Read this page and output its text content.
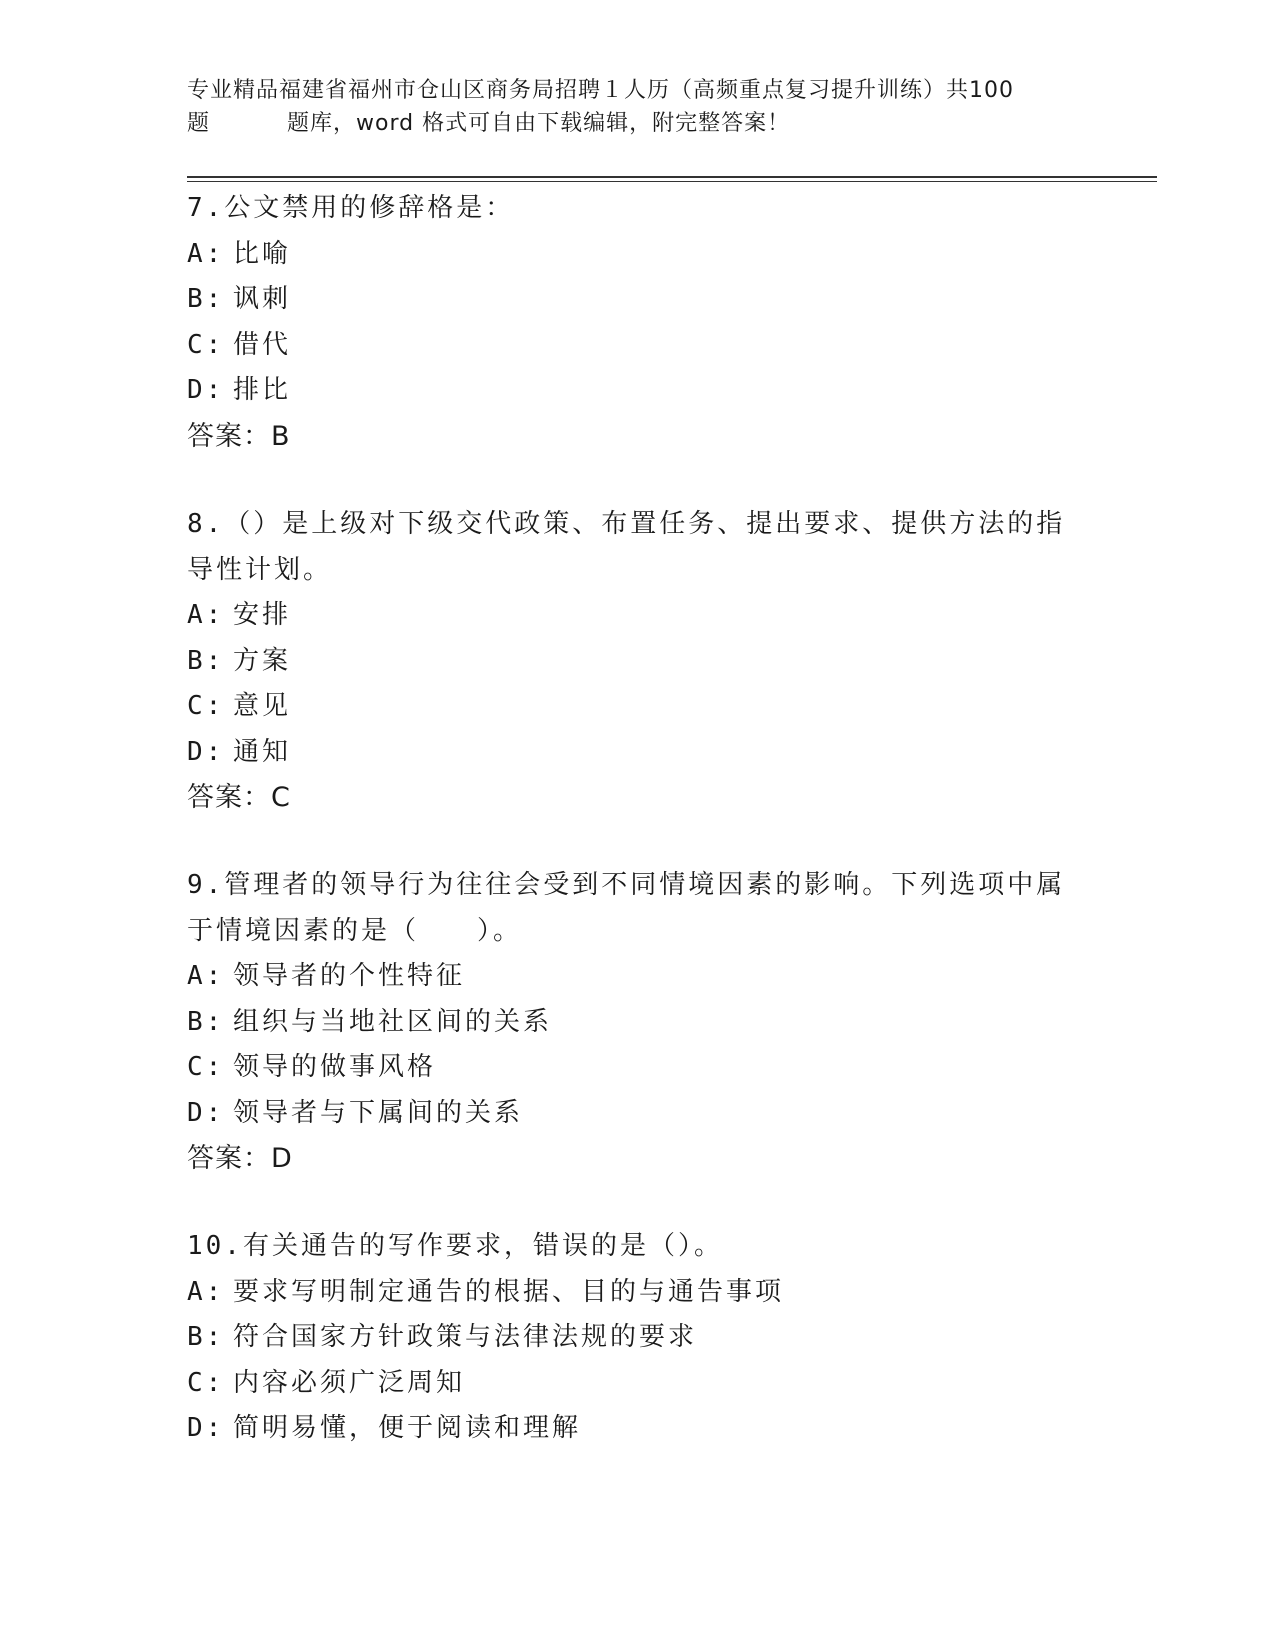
专业精品福建省福州市仓山区商务局招聘１人历（高频重点复习提升训练）共100
题	题库，word 格式可自由下载编辑，附完整答案！
7.公文禁用的修辞格是：
A: 比喻
B: 讽刺
C: 借代
D: 排比
答案：B
8.（）是上级对下级交代政策、布置任务、提出要求、提供方法的指
导性计划。
A: 安排
B: 方案
C: 意见
D: 通知
答案：C
9.管理者的领导行为往往会受到不同情境因素的影响。下列选项中属
于情境因素的是（　　）。
A: 领导者的个性特征
B: 组织与当地社区间的关系
C: 领导的做事风格
D: 领导者与下属间的关系
答案：D
10.有关通告的写作要求，错误的是（）。
A: 要求写明制定通告的根据、目的与通告事项
B: 符合国家方针政策与法律法规的要求
C: 内容必须广泛周知
D: 简明易懂，便于阅读和理解
